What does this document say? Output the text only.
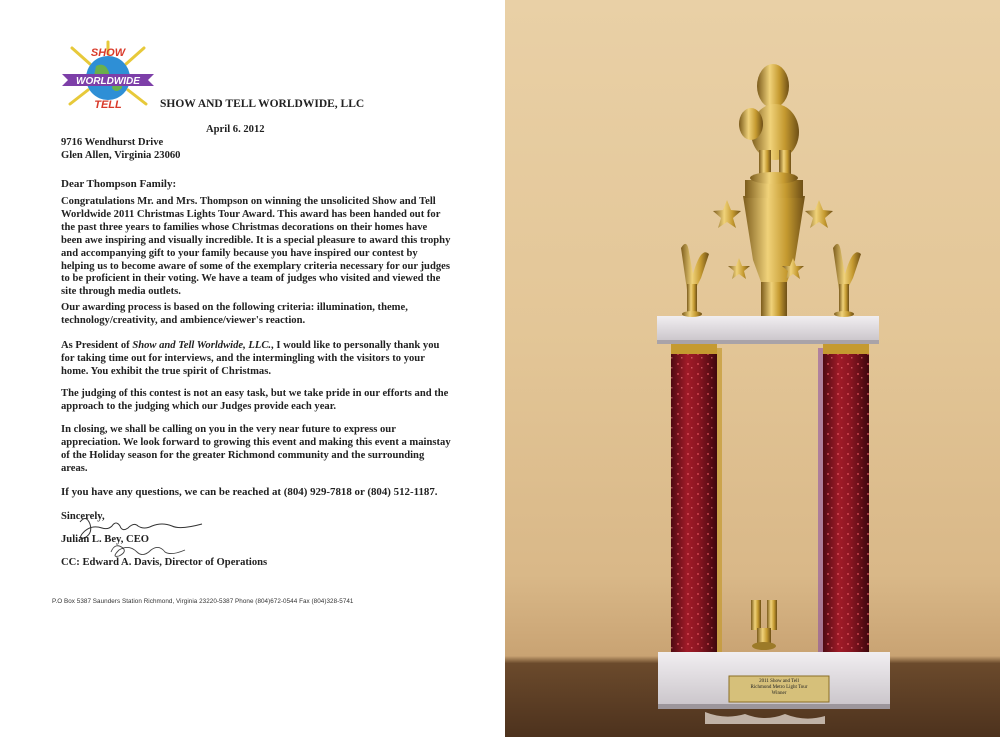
WORLDWIDE
SHOW
TELL	SHOW AND TELL WORLDWIDE, LLC
April 6. 2012
9716 Wendhurst Drive
Glen Allen, Virginia 23060
Dear Thompson Family:

Congratulations Mr. and Mrs. Thompson on winning the unsolicited Show and Tell Worldwide 2011 Christmas Lights Tour Award. This award has been handed out for the past three years to families whose Christmas decorations on their homes have been awe inspiring and visually incredible. It is a special pleasure to award this trophy and accompanying gift to your family because you have inspired our contest by helping us to become aware of some of the exemplary criteria necessary for our judges to be proficient in their voting. We have a team of judges who visited and viewed the site through media outlets.

Our awarding process is based on the following criteria: illumination, theme, technology/creativity, and ambience/viewer's reaction.

As President of Show and Tell Worldwide, LLC., I would like to personally thank you for taking time out for interviews, and the intermingling with the visitors to your home. You exhibit the true spirit of Christmas.

The judging of this contest is not an easy task, but we take pride in our efforts and the approach to the judging which our Judges provide each year.

In closing, we shall be calling on you in the very near future to express our appreciation. We look forward to growing this event and making this event a mainstay of the Holiday season for the greater Richmond community and the surrounding areas.

If you have any questions, we can be reached at (804) 929-7818 or (804) 512-1187.

Sincerely,
Julian L. Bey, CEO
CC: Edward A. Davis, Director of Operations
P.O Box 5387 Saunders Station Richmond, Virginia 23220-5387 Phone (804)672-0544 Fax (804)328-5741
2011 Show and Tell
Richmond Metro Light Tour
Winner
